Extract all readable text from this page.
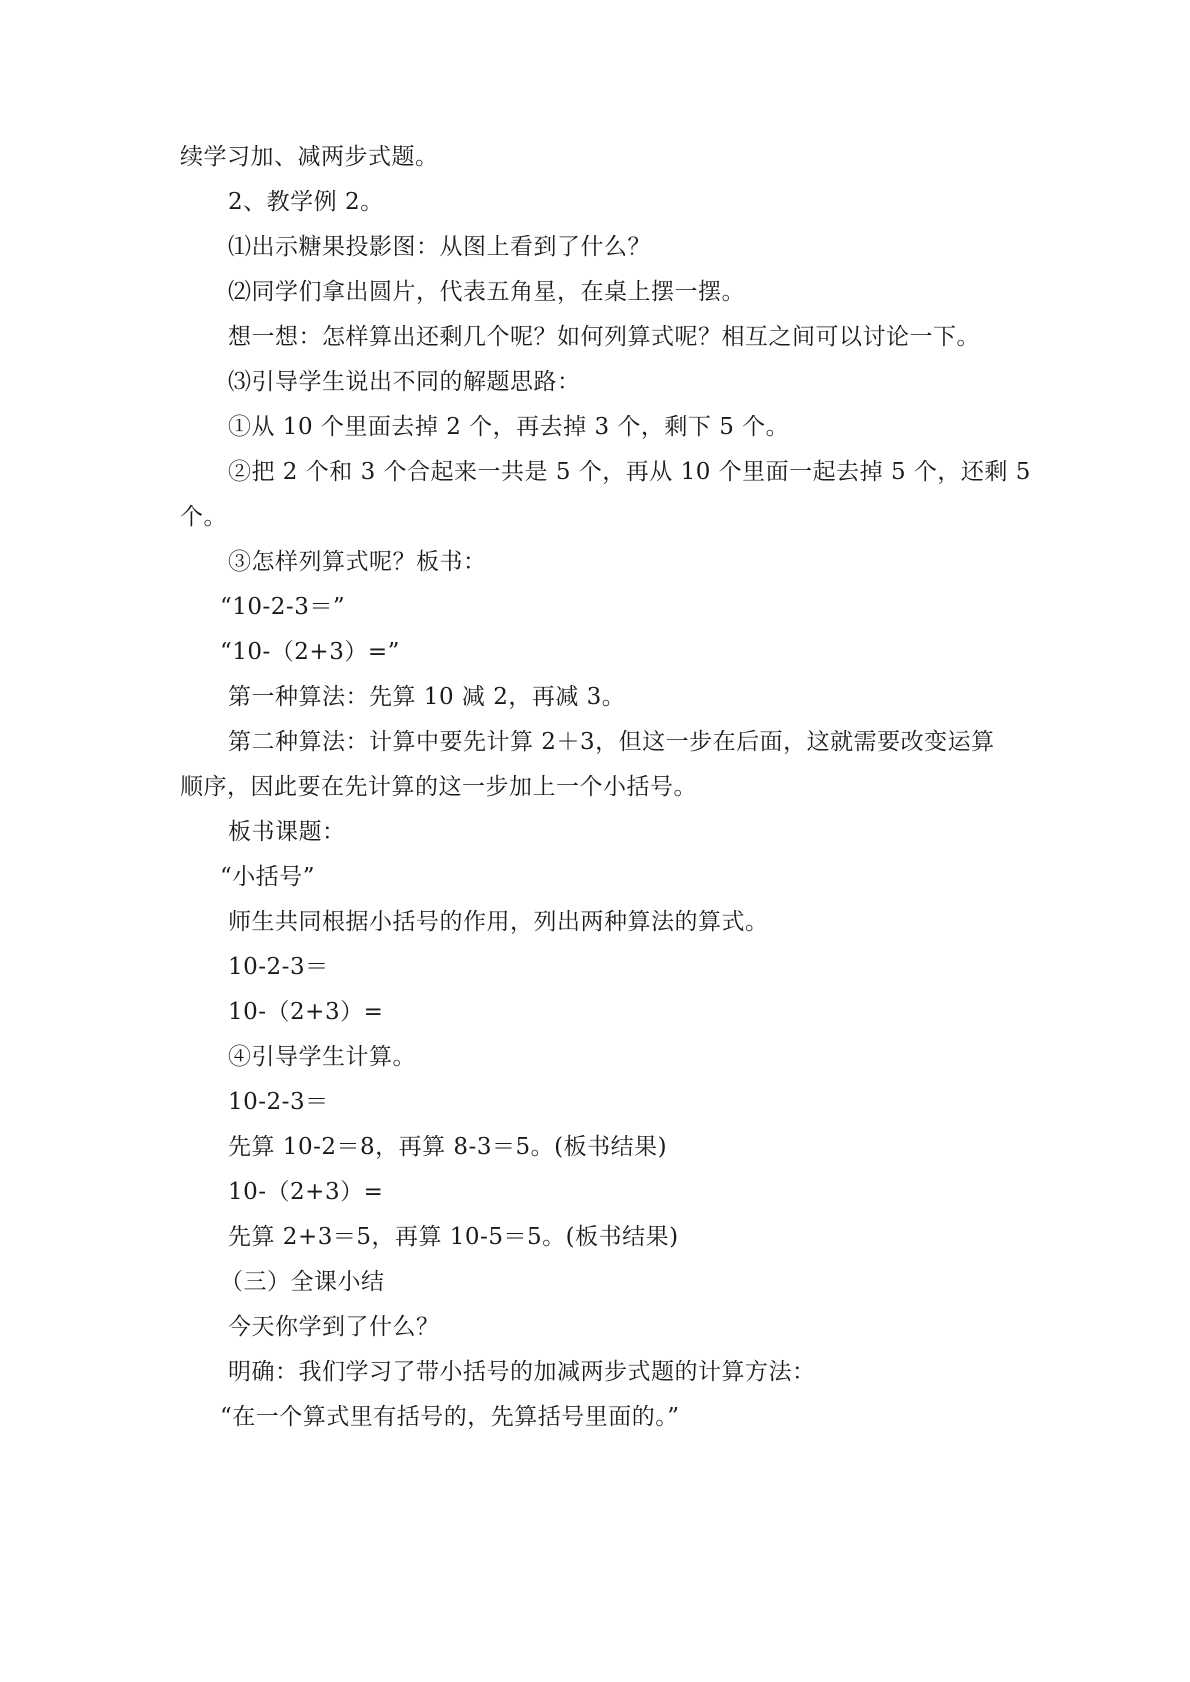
续学习加、减两步式题。
2、教学例 2。
⑴出示糖果投影图：从图上看到了什么？
⑵同学们拿出圆片，代表五角星，在桌上摆一摆。
想一想：怎样算出还剩几个呢？如何列算式呢？相互之间可以讨论一下。
⑶引导学生说出不同的解题思路：
①从 10 个里面去掉 2 个，再去掉 3 个，剩下 5 个。
②把 2 个和 3 个合起来一共是 5 个，再从 10 个里面一起去掉 5 个，还剩 5
个。
③怎样列算式呢？板书：
“10-2-3＝”
“10-（2+3）=”
第一种算法：先算 10 减 2，再减 3。
第二种算法：计算中要先计算 2＋3，但这一步在后面，这就需要改变运算
顺序，因此要在先计算的这一步加上一个小括号。
板书课题：
“小括号”
师生共同根据小括号的作用，列出两种算法的算式。
10-2-3＝
10-（2+3）=
④引导学生计算。
10-2-3＝
先算 10-2＝8，再算 8-3＝5。(板书结果)
10-（2+3）=
先算 2+3＝5，再算 10-5＝5。(板书结果)
（三）全课小结
今天你学到了什么？
明确：我们学习了带小括号的加减两步式题的计算方法：
“在一个算式里有括号的，先算括号里面的。”
